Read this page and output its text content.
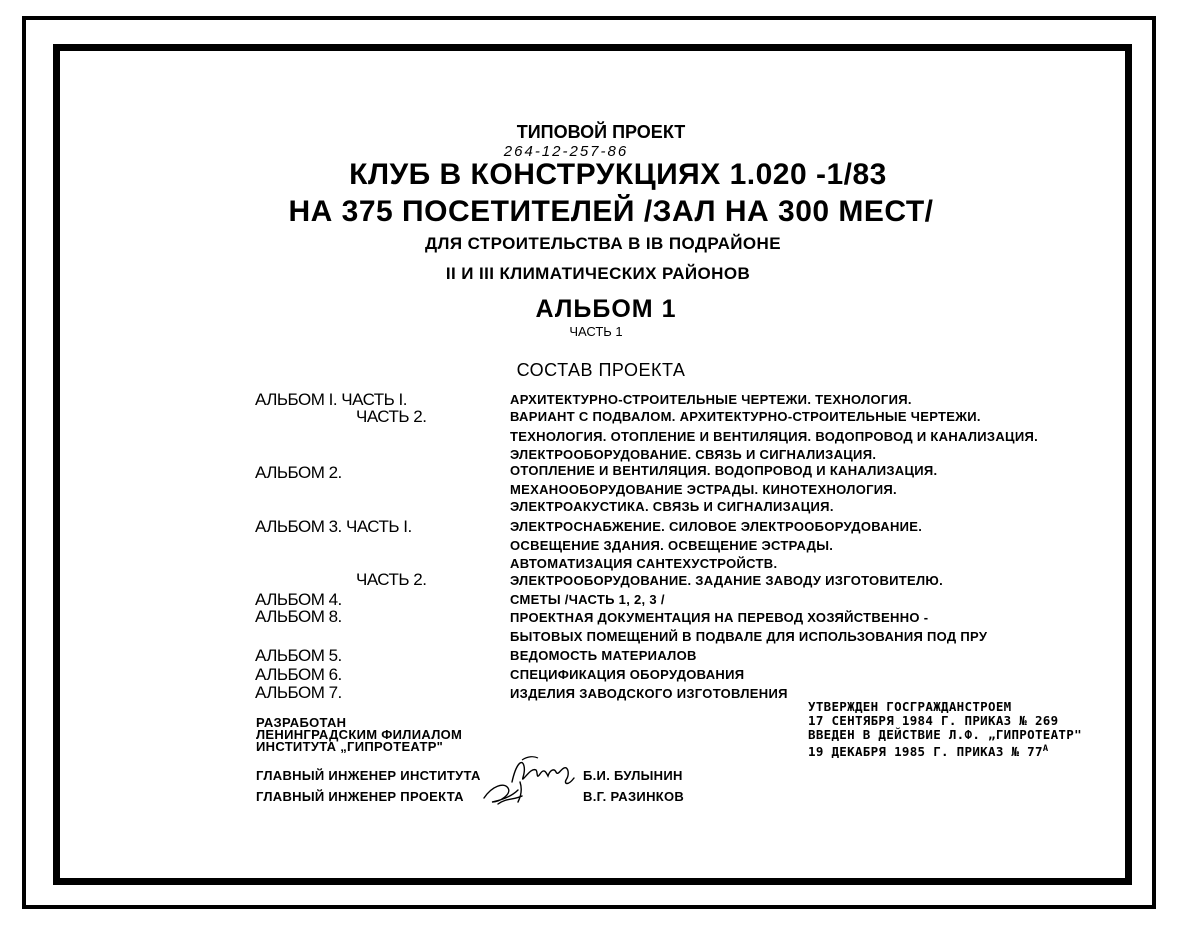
ТИПОВОЙ ПРОЕКТ
264-12-257-86
КЛУБ В КОНСТРУКЦИЯХ 1.020 -1/83
НА 375 ПОСЕТИТЕЛЕЙ /ЗАЛ НА 300 МЕСТ/
ДЛЯ СТРОИТЕЛЬСТВА В IB ПОДРАЙОНЕ
II И III КЛИМАТИЧЕСКИХ РАЙОНОВ
АЛЬБОМ 1
ЧАСТЬ 1
СОСТАВ ПРОЕКТА
АЛЬБОМ I. ЧАСТЬ I.
ЧАСТЬ 2.
АЛЬБОМ 2.
АЛЬБОМ 3. ЧАСТЬ I.
ЧАСТЬ 2.
АЛЬБОМ 4.
АЛЬБОМ 8.
АЛЬБОМ 5.
АЛЬБОМ 6.
АЛЬБОМ 7.
АРХИТЕКТУРНО-СТРОИТЕЛЬНЫЕ ЧЕРТЕЖИ. ТЕХНОЛОГИЯ.
ВАРИАНТ С ПОДВАЛОМ. АРХИТЕКТУРНО-СТРОИТЕЛЬНЫЕ ЧЕРТЕЖИ.
ТЕХНОЛОГИЯ. ОТОПЛЕНИЕ И ВЕНТИЛЯЦИЯ. ВОДОПРОВОД И КАНАЛИЗАЦИЯ.
ЭЛЕКТРООБОРУДОВАНИЕ. СВЯЗЬ И СИГНАЛИЗАЦИЯ.
ОТОПЛЕНИЕ И ВЕНТИЛЯЦИЯ. ВОДОПРОВОД И КАНАЛИЗАЦИЯ.
МЕХАНООБОРУДОВАНИЕ ЭСТРАДЫ. КИНОТЕХНОЛОГИЯ.
ЭЛЕКТРОАКУСТИКА. СВЯЗЬ И СИГНАЛИЗАЦИЯ.
ЭЛЕКТРОСНАБЖЕНИЕ. СИЛОВОЕ ЭЛЕКТРООБОРУДОВАНИЕ.
ОСВЕЩЕНИЕ ЗДАНИЯ. ОСВЕЩЕНИЕ ЭСТРАДЫ.
АВТОМАТИЗАЦИЯ САНТЕХУСТРОЙСТВ.
ЭЛЕКТРООБОРУДОВАНИЕ. ЗАДАНИЕ ЗАВОДУ ИЗГОТОВИТЕЛЮ.
СМЕТЫ /ЧАСТЬ 1, 2, 3 /
ПРОЕКТНАЯ ДОКУМЕНТАЦИЯ НА ПЕРЕВОД ХОЗЯЙСТВЕННО -
БЫТОВЫХ ПОМЕЩЕНИЙ В ПОДВАЛЕ ДЛЯ ИСПОЛЬЗОВАНИЯ ПОД ПРУ
ВЕДОМОСТЬ МАТЕРИАЛОВ
СПЕЦИФИКАЦИЯ ОБОРУДОВАНИЯ
ИЗДЕЛИЯ ЗАВОДСКОГО ИЗГОТОВЛЕНИЯ
РАЗРАБОТАН
ЛЕНИНГРАДСКИМ ФИЛИАЛОМ
ИНСТИТУТА „ГИПРОТЕАТР"
УТВЕРЖДЕН ГОСГРАЖДАНСТРОЕМ
17 СЕНТЯБРЯ 1984 Г. ПРИКАЗ № 269
ВВЕДЕН В ДЕЙСТВИЕ Л.Ф. „ГИПРОТЕАТР"
19 ДЕКАБРЯ 1985 Г. ПРИКАЗ № $77^А$
ГЛАВНЫЙ ИНЖЕНЕР ИНСТИТУТА	Б.И. БУЛЫНИН
ГЛАВНЫЙ ИНЖЕНЕР ПРОЕКТА	В.Г. РАЗИНКОВ
